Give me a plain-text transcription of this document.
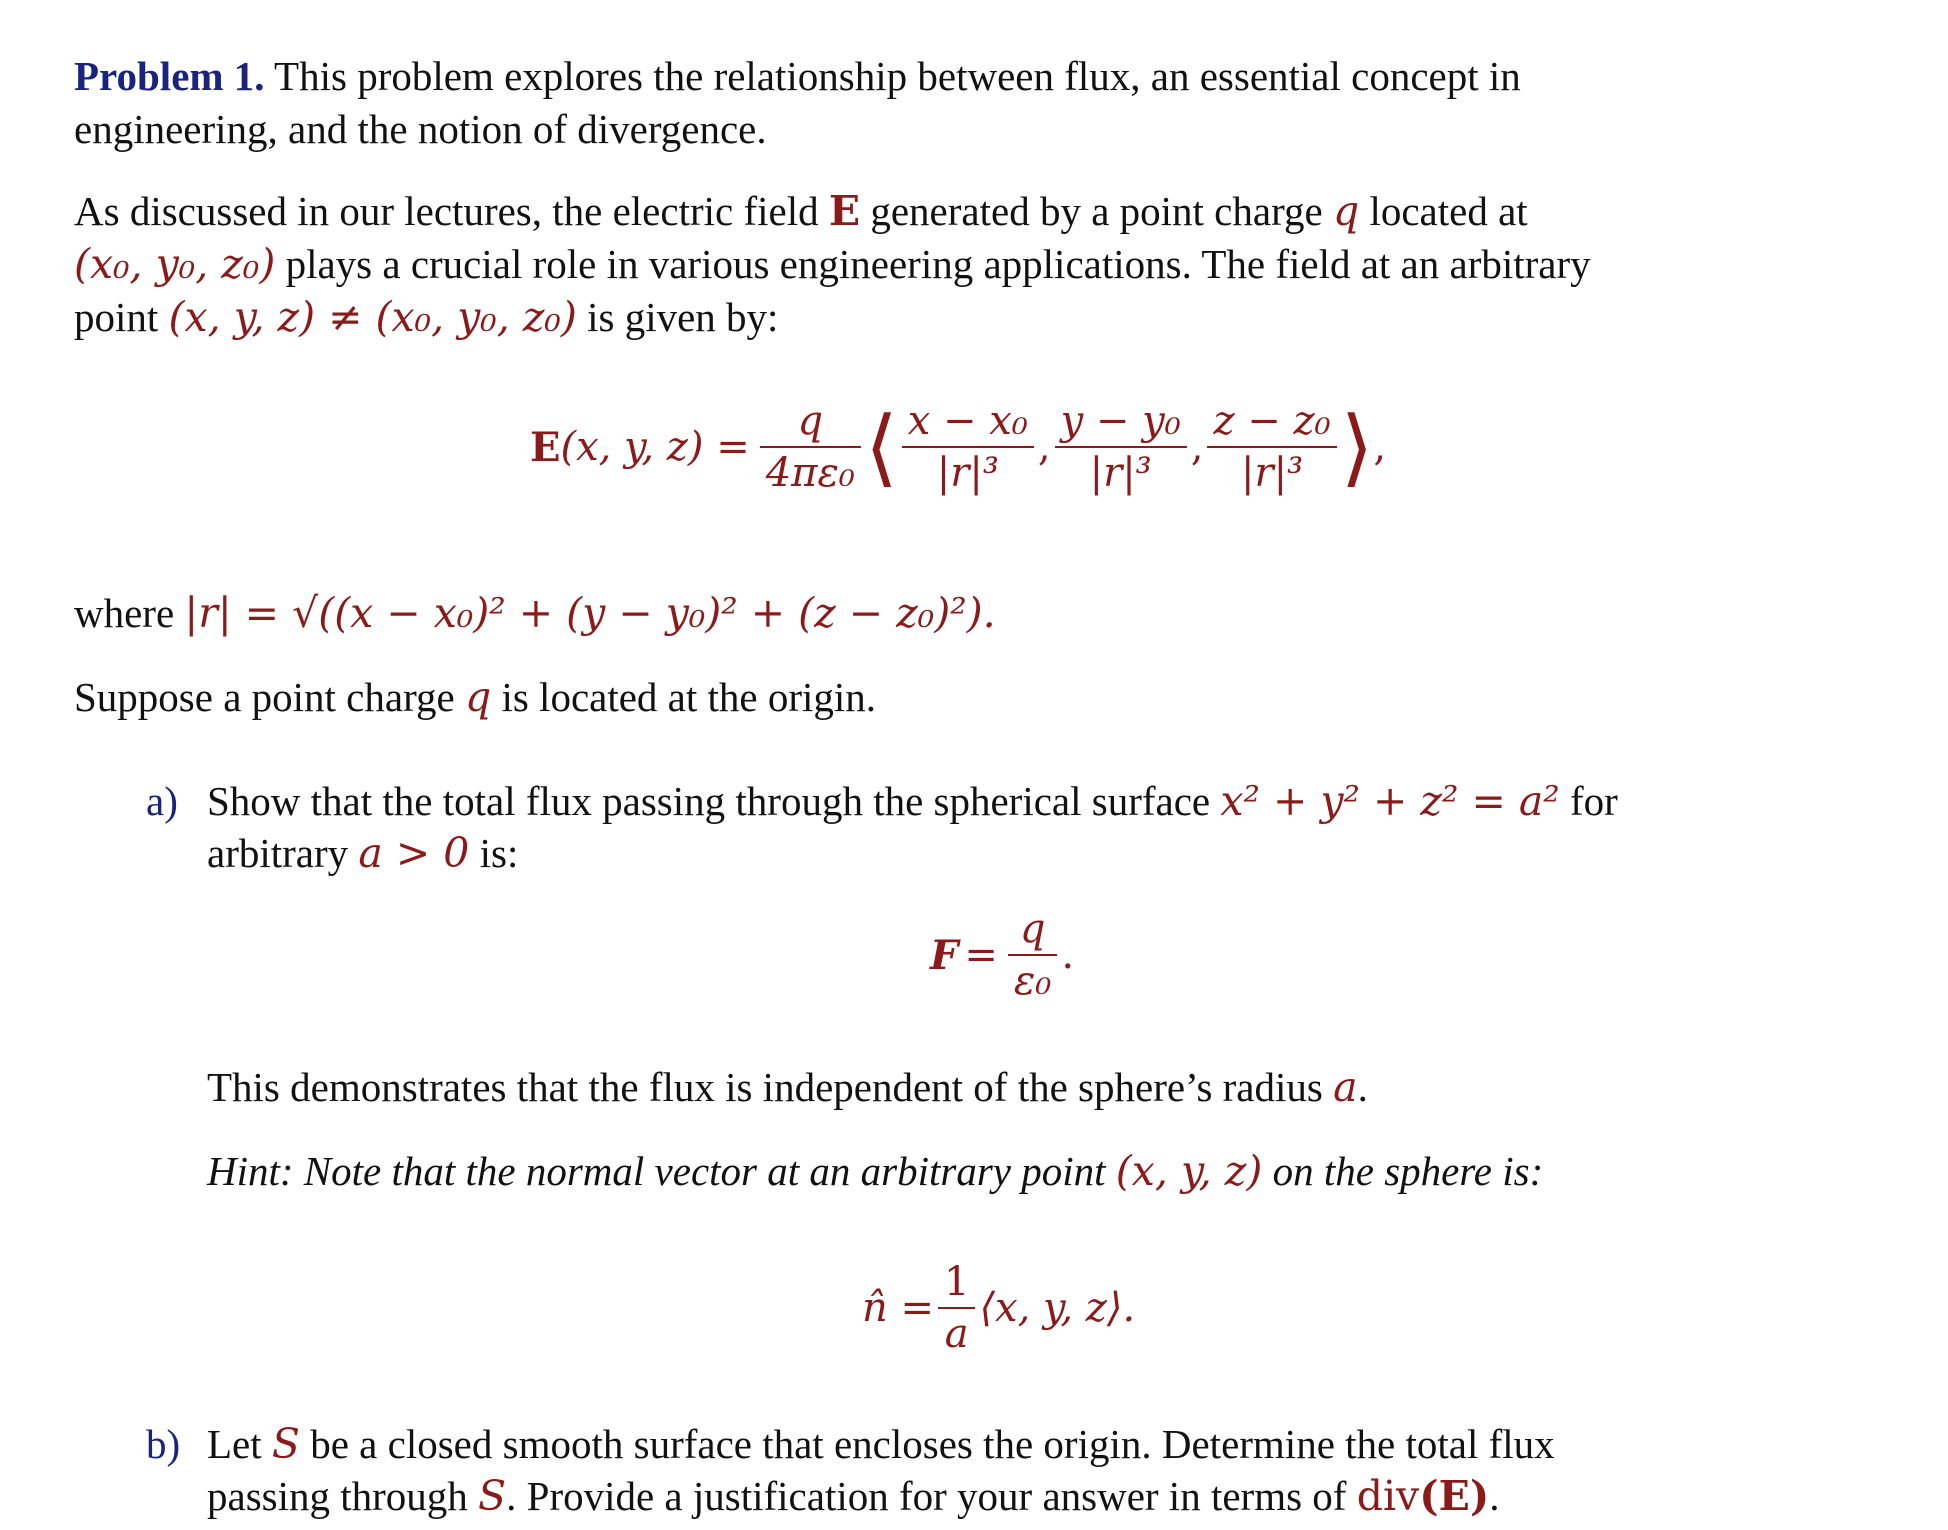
Problem 1. This problem explores the relationship between flux, an essential concept in
engineering, and the notion of divergence.
As discussed in our lectures, the electric field E generated by a point charge q located at
(x₀, y₀, z₀) plays a crucial role in various engineering applications. The field at an arbitrary
point (x, y, z) ≠ (x₀, y₀, z₀) is given by:
E (x, y, $z) = \frac{q}{\text{4πε₀}}$ ⟨ $\frac{\text{x − x₀}}{\text{|r|³}}$ , $\frac{\text{y − y₀}}{\text{|r|³}}$ , $\frac{\text{z − z₀}}{\text{|r|³}}$ ⟩ ,
where |r| = √((x − x₀)² + (y − y₀)² + (z − z₀)²).
Suppose a point charge q is located at the origin.
a) Show that the total flux passing through the spherical surface x² + y² + z² = a² for
arbitrary a > 0 is:
$F = \frac{q}{\text{ε₀}}$ .
This demonstrates that the flux is independent of the sphere’s radius a.
Hint: Note that the normal vector at an arbitrary point (x, y, z) on the sphere is:
n̂ = $\frac{1}{a}$ ⟨x, y, z⟩.
b) Let S be a closed smooth surface that encloses the origin. Determine the total flux
passing through S. Provide a justification for your answer in terms of div(E).
